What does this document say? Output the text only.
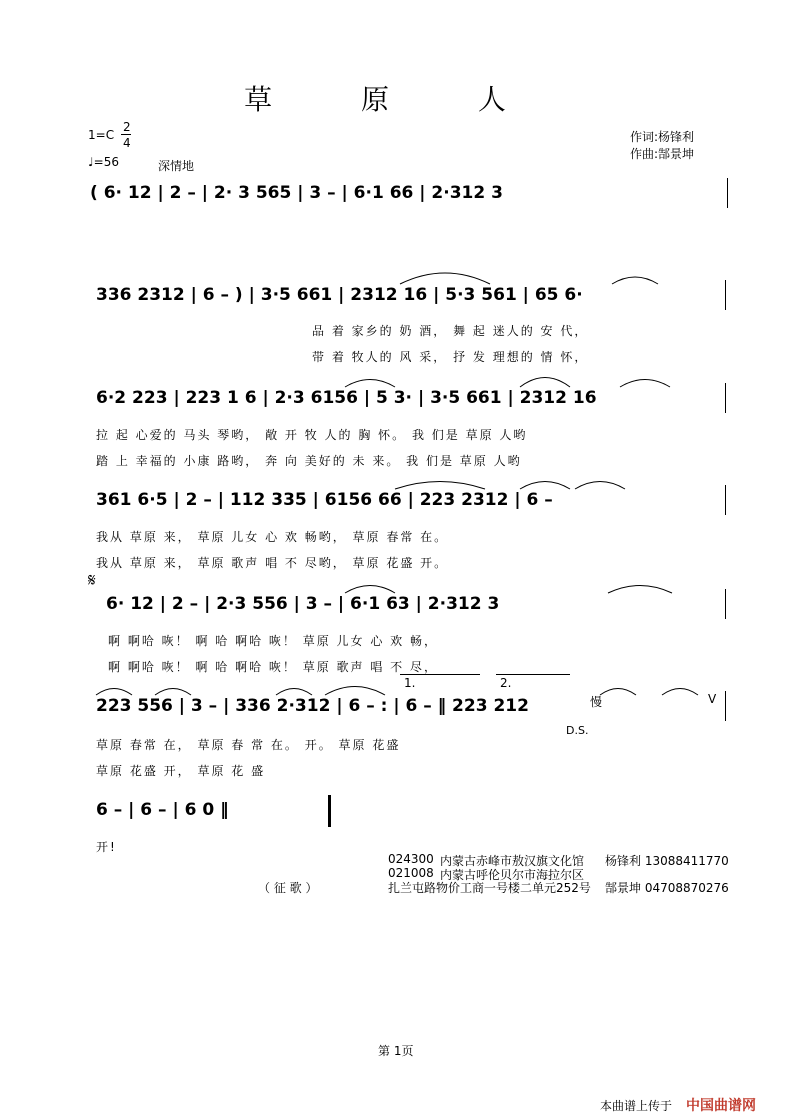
草 原 人
1=C
2
4
♩=56	深情地
作词:杨锋利
作曲:郜景坤
( 6· 12 | 2 – | 2· 3 565 | 3 – | 6·1 66 | 2·312 3
336 2312 | 6 – ) | 3·5 661 | 2312 16 | 5·3 561 | 65 6·
品 着 家乡的 奶 酒， 舞 起 迷人的 安 代，
带 着 牧人的 风 采， 抒 发 理想的 情 怀，
6·2 223 | 223 1 6 | 2·3 6156 | 5 3· | 3·5 661 | 2312 16
拉 起 心爱的 马头 琴哟， 敞 开 牧 人的 胸 怀。 我 们是 草原 人哟
踏 上 幸福的 小康 路哟， 奔 向 美好的 未 来。 我 们是 草原 人哟
361 6·5 | 2 – | 112 335 | 6156 66 | 223 2312 | 6 –
我从 草原 来， 草原 儿女 心 欢 畅哟， 草原 春常 在。
我从 草原 来， 草原 歌声 唱 不 尽哟， 草原 花盛 开。
𝄋
6· 12 | 2 – | 2·3 556 | 3 – | 6·1 63 | 2·312 3
啊 啊哈 咴！ 啊 哈 啊哈 咴！ 草原 儿女 心 欢 畅，
啊 啊哈 咴！ 啊 哈 啊哈 咴！ 草原 歌声 唱 不 尽，
1.	2.
慢	V
223 556 | 3 – | 336 2·312 | 6 – : | 6 – ‖ 223 212
D.S.
草原 春常 在， 草原 春 常 在。 开。 草原 花盛
草原 花盛 开， 草原 花 盛
6 – | 6 – | 6 0 ‖
开!
024300 内蒙古赤峰市敖汉旗文化馆 杨锋利 13088411770
021008 内蒙古呼伦贝尔市海拉尔区
（ 征 歌 ）	扎兰屯路物价工商一号楼二单元252号 郜景坤 04708870276
第 1页
本曲谱上传于 中国曲谱网
